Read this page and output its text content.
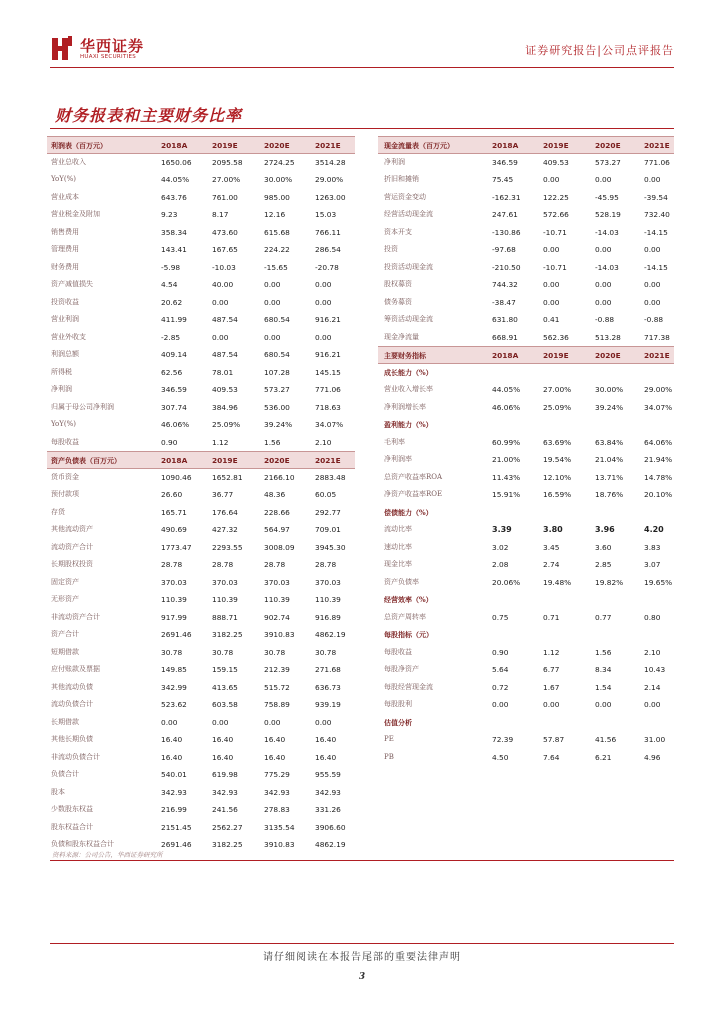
华西证券
HUAXI SECURITIES	证券研究报告|公司点评报告
财务报表和主要财务比率
利润表（百万元）	2018A	2019E	2020E	2021E
营业总收入	1650.06	2095.58	2724.25	3514.28
YoY(%)	44.05%	27.00%	30.00%	29.00%
营业成本	643.76	761.00	985.00	1263.00
营业税金及附加	9.23	8.17	12.16	15.03
销售费用	358.34	473.60	615.68	766.11
管理费用	143.41	167.65	224.22	286.54
财务费用	-5.98	-10.03	-15.65	-20.78
资产减值损失	4.54	40.00	0.00	0.00
投资收益	20.62	0.00	0.00	0.00
营业利润	411.99	487.54	680.54	916.21
营业外收支	-2.85	0.00	0.00	0.00
利润总额	409.14	487.54	680.54	916.21
所得税	62.56	78.01	107.28	145.15
净利润	346.59	409.53	573.27	771.06
归属于母公司净利润	307.74	384.96	536.00	718.63
YoY(%)	46.06%	25.09%	39.24%	34.07%
每股收益	0.90	1.12	1.56	2.10
资产负债表（百万元）	2018A	2019E	2020E	2021E
货币资金	1090.46	1652.81	2166.10	2883.48
预付款项	26.60	36.77	48.36	60.05
存货	165.71	176.64	228.66	292.77
其他流动资产	490.69	427.32	564.97	709.01
流动资产合计	1773.47	2293.55	3008.09	3945.30
长期股权投资	28.78	28.78	28.78	28.78
固定资产	370.03	370.03	370.03	370.03
无形资产	110.39	110.39	110.39	110.39
非流动资产合计	917.99	888.71	902.74	916.89
资产合计	2691.46	3182.25	3910.83	4862.19
短期借款	30.78	30.78	30.78	30.78
应付账款及票据	149.85	159.15	212.39	271.68
其他流动负债	342.99	413.65	515.72	636.73
流动负债合计	523.62	603.58	758.89	939.19
长期借款	0.00	0.00	0.00	0.00
其他长期负债	16.40	16.40	16.40	16.40
非流动负债合计	16.40	16.40	16.40	16.40
负债合计	540.01	619.98	775.29	955.59
股本	342.93	342.93	342.93	342.93
少数股东权益	216.99	241.56	278.83	331.26
股东权益合计	2151.45	2562.27	3135.54	3906.60
负债和股东权益合计	2691.46	3182.25	3910.83	4862.19
现金流量表（百万元）	2018A	2019E	2020E	2021E
净利润	346.59	409.53	573.27	771.06
折旧和摊销	75.45	0.00	0.00	0.00
营运资金变动	-162.31	122.25	-45.95	-39.54
经营活动现金流	247.61	572.66	528.19	732.40
资本开支	-130.86	-10.71	-14.03	-14.15
投资	-97.68	0.00	0.00	0.00
投资活动现金流	-210.50	-10.71	-14.03	-14.15
股权募资	744.32	0.00	0.00	0.00
债务募资	-38.47	0.00	0.00	0.00
筹资活动现金流	631.80	0.41	-0.88	-0.88
现金净流量	668.91	562.36	513.28	717.38
主要财务指标	2018A	2019E	2020E	2021E
成长能力（%）
营业收入增长率	44.05%	27.00%	30.00%	29.00%
净利润增长率	46.06%	25.09%	39.24%	34.07%
盈利能力（%）
毛利率	60.99%	63.69%	63.84%	64.06%
净利润率	21.00%	19.54%	21.04%	21.94%
总资产收益率ROA	11.43%	12.10%	13.71%	14.78%
净资产收益率ROE	15.91%	16.59%	18.76%	20.10%
偿债能力（%）
流动比率	3.39	3.80	3.96	4.20
速动比率	3.02	3.45	3.60	3.83
现金比率	2.08	2.74	2.85	3.07
资产负债率	20.06%	19.48%	19.82%	19.65%
经营效率（%）
总资产周转率	0.75	0.71	0.77	0.80
每股指标（元）
每股收益	0.90	1.12	1.56	2.10
每股净资产	5.64	6.77	8.34	10.43
每股经营现金流	0.72	1.67	1.54	2.14
每股股利	0.00	0.00	0.00	0.00
估值分析
PE	72.39	57.87	41.56	31.00
PB	4.50	7.64	6.21	4.96
资料来源：公司公告，华西证券研究所
请仔细阅读在本报告尾部的重要法律声明
3
